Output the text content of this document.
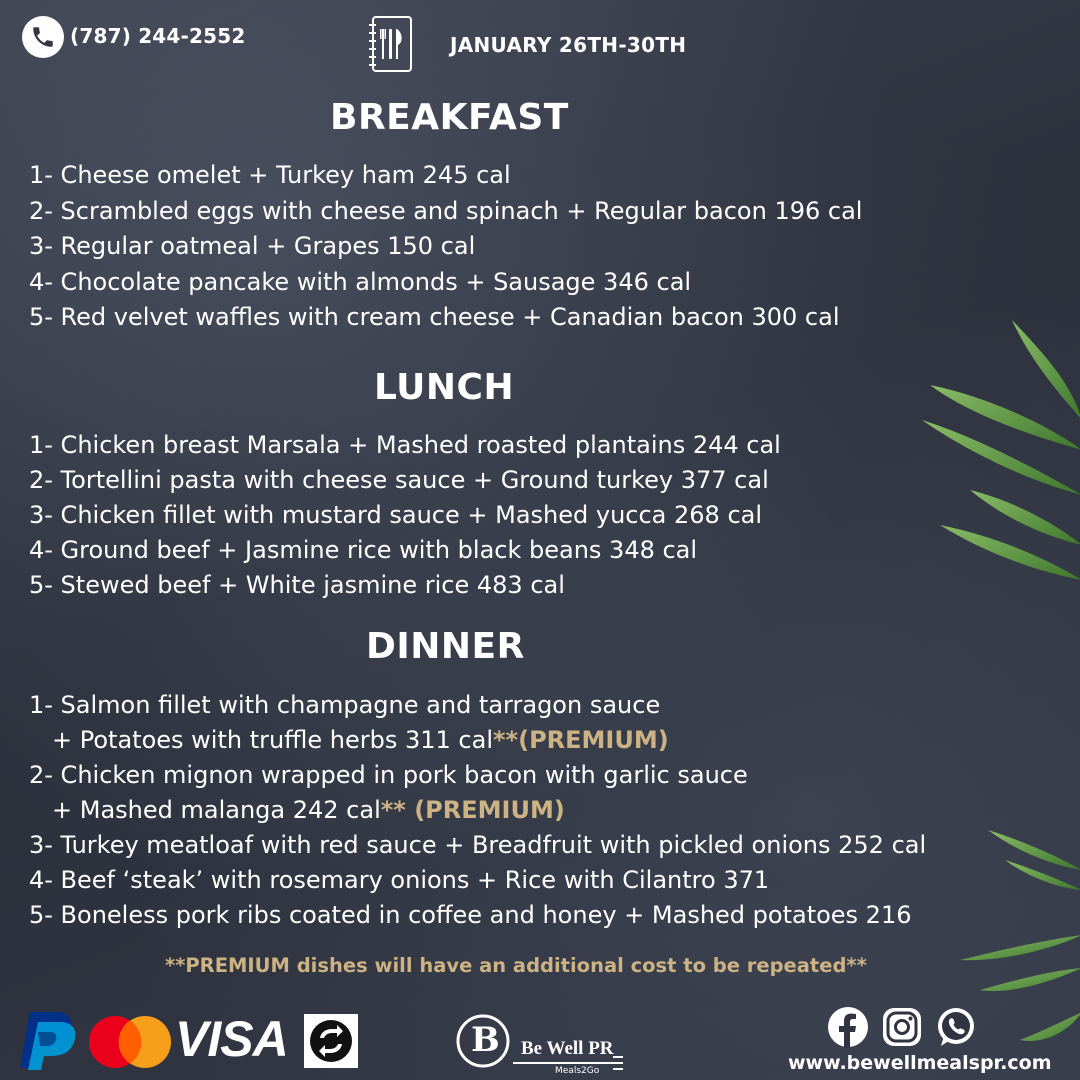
(787) 244-2552	JANUARY 26TH-30TH
BREAKFAST
1- Cheese omelet + Turkey ham 245 cal
2- Scrambled eggs with cheese and spinach + Regular bacon 196 cal
3- Regular oatmeal + Grapes 150 cal
4- Chocolate pancake with almonds + Sausage 346 cal
5- Red velvet waffles with cream cheese + Canadian bacon 300 cal
LUNCH
1- Chicken breast Marsala + Mashed roasted plantains 244 cal
2- Tortellini pasta with cheese sauce + Ground turkey 377 cal
3- Chicken fillet with mustard sauce + Mashed yucca 268 cal
4- Ground beef + Jasmine rice with black beans 348 cal
5- Stewed beef + White jasmine rice 483 cal
DINNER
1- Salmon fillet with champagne and tarragon sauce
+ Potatoes with truffle herbs 311 cal**(PREMIUM)
2- Chicken mignon wrapped in pork bacon with garlic sauce
+ Mashed malanga 242 cal** (PREMIUM)
3- Turkey meatloaf with red sauce + Breadfruit with pickled onions 252 cal
4- Beef ‘steak’ with rosemary onions + Rice with Cilantro 371
5- Boneless pork ribs coated in coffee and honey + Mashed potatoes 216
**PREMIUM dishes will have an additional cost to be repeated**
VISA	B Be Well PR
Meals2Go	www.bewellmealspr.com
